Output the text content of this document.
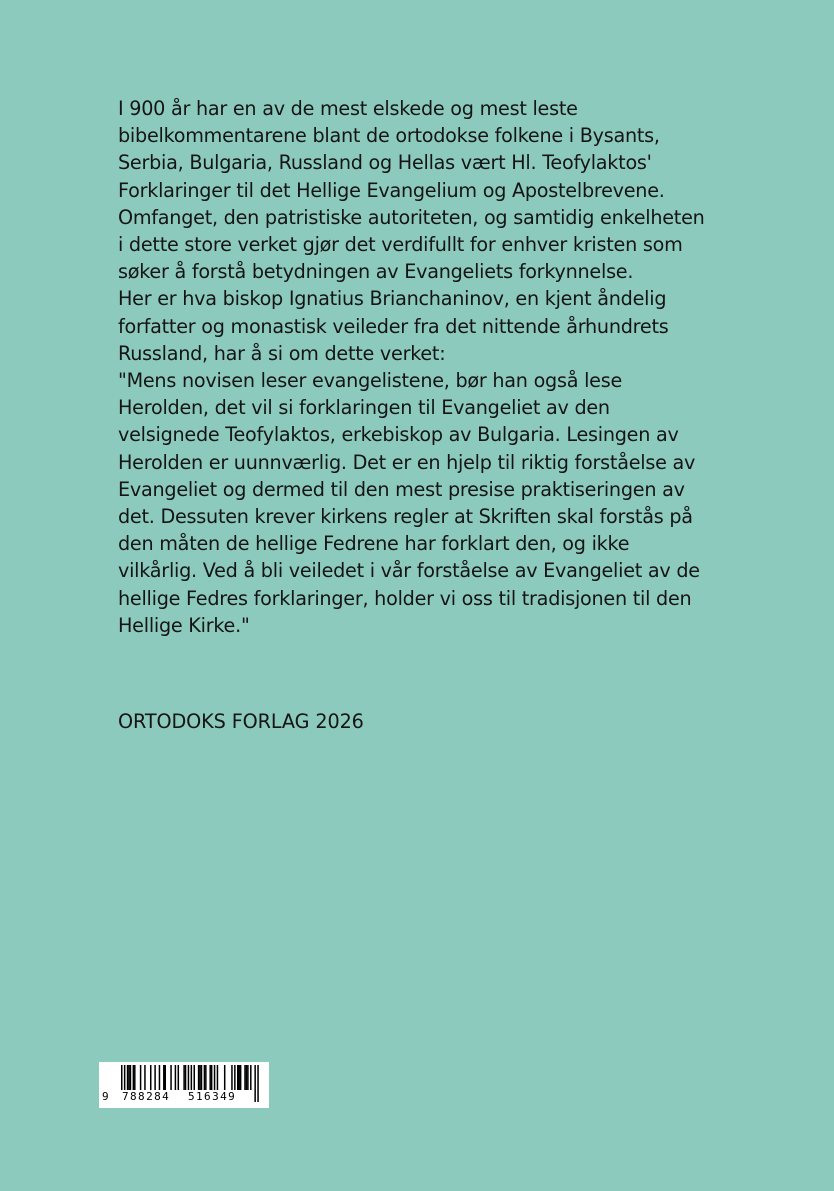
I 900 år har en av de mest elskede og mest leste
bibelkommentarene blant de ortodokse folkene i Bysants,
Serbia, Bulgaria, Russland og Hellas vært Hl. Teofylaktos'
Forklaringer til det Hellige Evangelium og Apostelbrevene.
Omfanget, den patristiske autoriteten, og samtidig enkelheten
i dette store verket gjør det verdifullt for enhver kristen som
søker å forstå betydningen av Evangeliets forkynnelse.
Her er hva biskop Ignatius Brianchaninov, en kjent åndelig
forfatter og monastisk veileder fra det nittende århundrets
Russland, har å si om dette verket:
"Mens novisen leser evangelistene, bør han også lese
Herolden, det vil si forklaringen til Evangeliet av den
velsignede Teofylaktos, erkebiskop av Bulgaria. Lesingen av
Herolden er uunnværlig. Det er en hjelp til riktig forståelse av
Evangeliet og dermed til den mest presise praktiseringen av
det. Dessuten krever kirkens regler at Skriften skal forstås på
den måten de hellige Fedrene har forklart den, og ikke
vilkårlig. Ved å bli veiledet i vår forståelse av Evangeliet av de
hellige Fedres forklaringer, holder vi oss til tradisjonen til den
Hellige Kirke."
ORTODOKS FORLAG 2026
9 788284 516349
